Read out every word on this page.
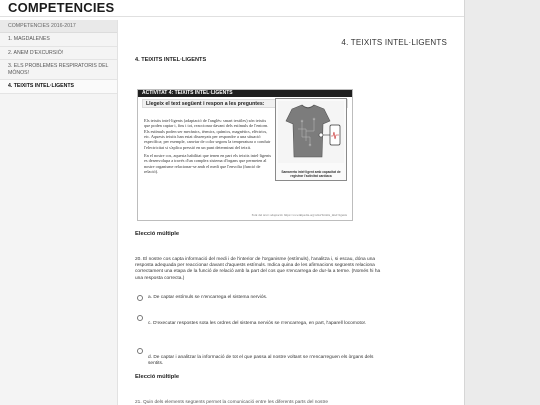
COMPETENCIES
COMPETENCIES 2016-2017
1. MAGDALENES
2. ANEM D'EXCURSIÓ!
3. ELS PROBLEMES RESPIRATORIS DEL MÒNOS!
4. TEIXITS INTEL·LIGENTS
4. TEIXITS INTEL·LIGENTS
4. TEIXITS INTEL·LIGENTS
ACTIVITAT 4: TEIXITS INTEL·LIGENTS
Llegeix el text següent i respon a les preguntes:

Els teixits intel·ligents (adaptació de l'anglès: smart textiles) són teixits que poden captar i, fins i tot, reaccionar davant dels estímuls de l'entorn. Els estímuls poden ser mecànics, tèrmics, químics, magnètics, elèctrics, etc. Aquests teixits han estat dissenyats per respondre a una situació específica; per exemple, canviar de color segons la temperatura o conduir l'electricitat si s'aplica pressió en un punt determinat del teixit.

En el nostre cos, aquesta habilitat que tenen en part els teixits intel·ligents es desenvolupa a través d'un complex sistema d'òrgans que permeten al nostre organisme relacionar-se amb el medi que l'envolta (funció de relació).	Samarreta intel·ligent amb capacitat de registrar l'activitat cardíaca
Font del text i adaptació: https://ca.wikipedia.org/wiki/Teixits_intel·ligents
Elecció múltiple
20. El nostre cos capta informació del medi i de l'interior de l'organisme (estímuls), l'analitza i, si escau, dóna una resposta adequada per reaccionar davant d'aquests estímuls. Indica quina de les afirmacions següents relaciona correctament una etapa de la funció de relació amb la part del cos que s'encarrega de dur-la a terme. (Només hi ha una resposta correcta.)
a. De captar estímuls se n'encarrega el sistema nerviós.
c. D'executar respostes sota les ordres del sistema nerviós se n'encarrega, en part, l'aparell locomotor.
d. De captar i analitzar la informació de tot el que passa al nostre voltant se n'encarreguen els òrgans dels sentits.
Elecció múltiple
21. Quin dels elements següents permet la comunicació entre les diferents parts del nostre
